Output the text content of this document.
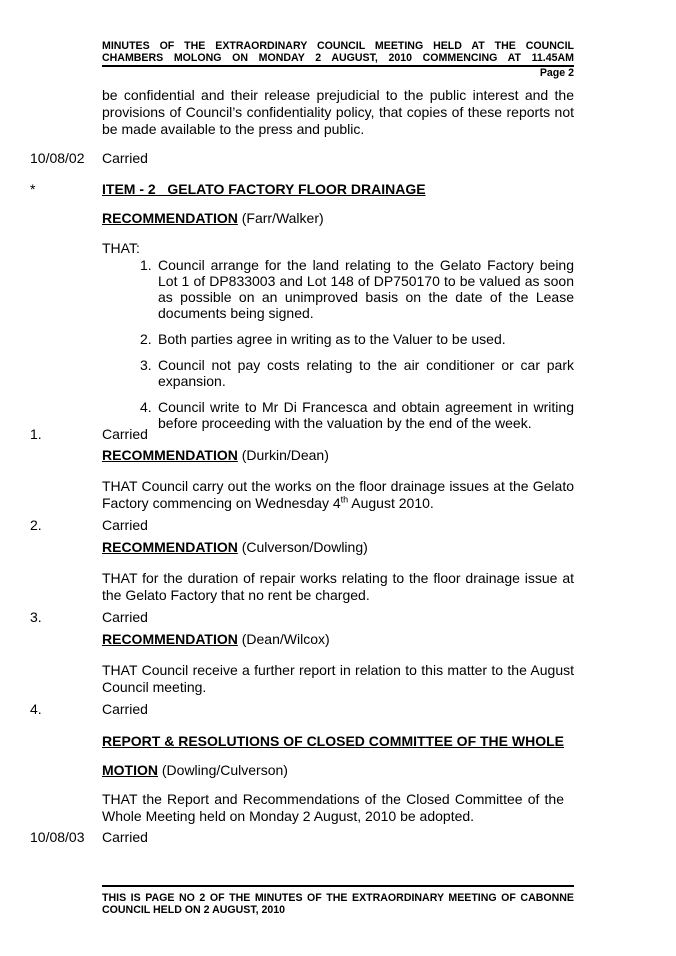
MINUTES OF THE EXTRAORDINARY COUNCIL MEETING HELD AT THE COUNCIL
CHAMBERS MOLONG ON MONDAY 2 AUGUST, 2010 COMMENCING AT 11.45AM
Page 2
be confidential and their release prejudicial to the public interest and the provisions of Council’s confidentiality policy, that copies of these reports not be made available to the press and public.
10/08/02 Carried
*	ITEM - 2   GELATO FACTORY FLOOR DRAINAGE
RECOMMENDATION (Farr/Walker)
THAT:
1. Council arrange for the land relating to the Gelato Factory being Lot 1 of DP833003 and Lot 148 of DP750170 to be valued as soon as possible on an unimproved basis on the date of the Lease documents being signed.
2. Both parties agree in writing as to the Valuer to be used.
3. Council not pay costs relating to the air conditioner or car park expansion.
4. Council write to Mr Di Francesca and obtain agreement in writing before proceeding with the valuation by the end of the week.
1.	Carried
RECOMMENDATION (Durkin/Dean)
THAT Council carry out the works on the floor drainage issues at the Gelato Factory commencing on Wednesday 4th August 2010.
2.	Carried
RECOMMENDATION (Culverson/Dowling)
THAT for the duration of repair works relating to the floor drainage issue at the Gelato Factory that no rent be charged.
3.	Carried
RECOMMENDATION (Dean/Wilcox)
THAT Council receive a further report in relation to this matter to the August Council meeting.
4.	Carried
REPORT & RESOLUTIONS OF CLOSED COMMITTEE OF THE WHOLE
MOTION (Dowling/Culverson)
THAT the Report and Recommendations of the Closed Committee of the Whole Meeting held on Monday 2 August, 2010 be adopted.
10/08/03 Carried
THIS IS PAGE NO 2 OF THE MINUTES OF THE EXTRAORDINARY MEETING OF CABONNE COUNCIL HELD ON 2 AUGUST, 2010
